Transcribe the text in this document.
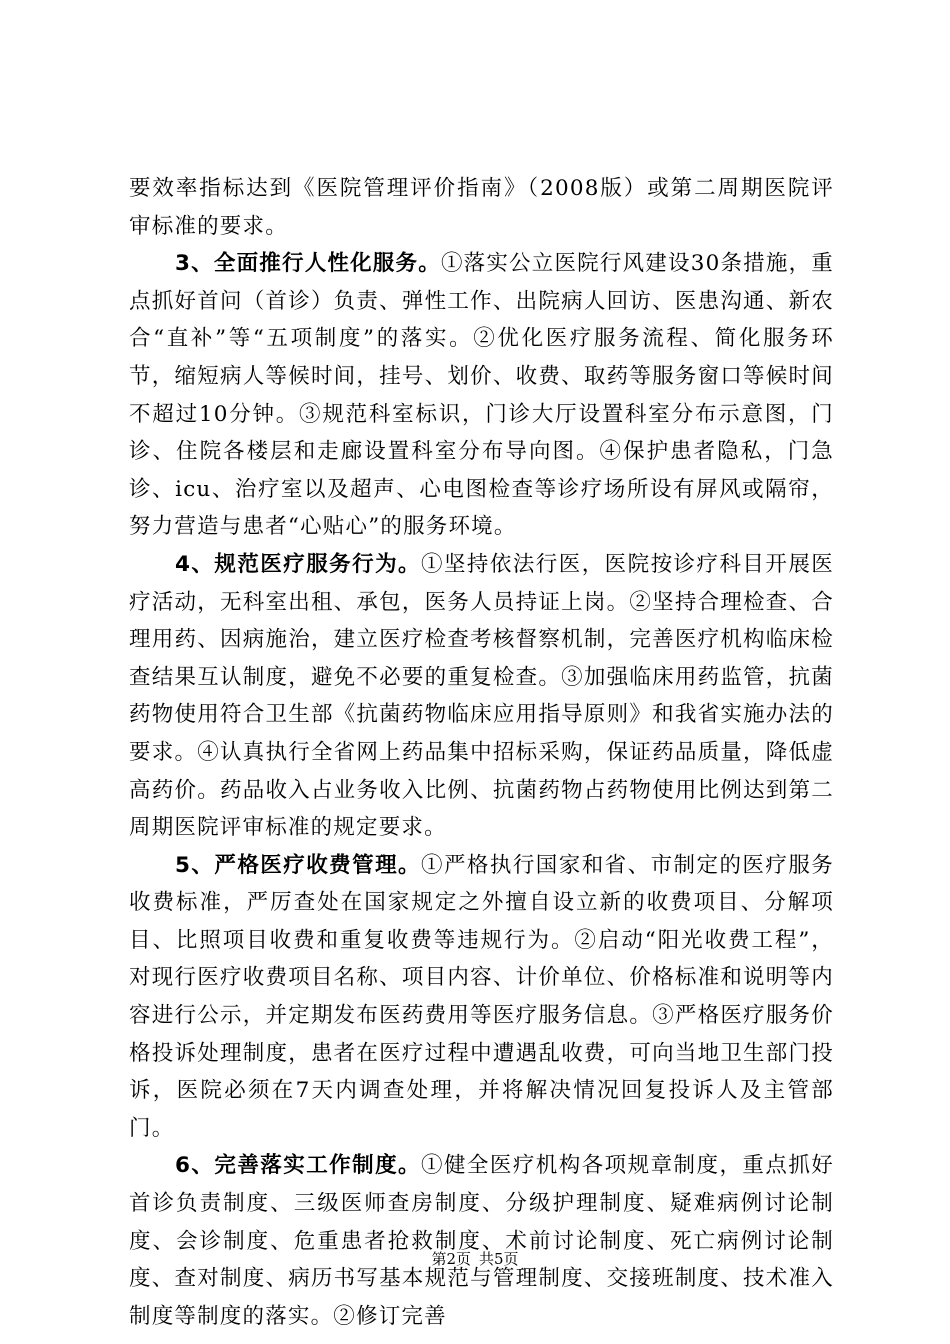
要效率指标达到《医院管理评价指南》（2008版）或第二周期医院评审标准的要求。

3、全面推行人性化服务。①落实公立医院行风建设30条措施，重点抓好首问（首诊）负责、弹性工作、出院病人回访、医患沟通、新农合“直补”等“五项制度”的落实。②优化医疗服务流程、简化服务环节，缩短病人等候时间，挂号、划价、收费、取药等服务窗口等候时间不超过10分钟。③规范科室标识，门诊大厅设置科室分布示意图，门诊、住院各楼层和走廊设置科室分布导向图。④保护患者隐私，门急诊、icu、治疗室以及超声、心电图检查等诊疗场所设有屏风或隔帘，努力营造与患者“心贴心”的服务环境。

4、规范医疗服务行为。①坚持依法行医，医院按诊疗科目开展医疗活动，无科室出租、承包，医务人员持证上岗。②坚持合理检查、合理用药、因病施治，建立医疗检查考核督察机制，完善医疗机构临床检查结果互认制度，避免不必要的重复检查。③加强临床用药监管，抗菌药物使用符合卫生部《抗菌药物临床应用指导原则》和我省实施办法的要求。④认真执行全省网上药品集中招标采购，保证药品质量，降低虚高药价。药品收入占业务收入比例、抗菌药物占药物使用比例达到第二周期医院评审标准的规定要求。

5、严格医疗收费管理。①严格执行国家和省、市制定的医疗服务收费标准，严厉查处在国家规定之外擅自设立新的收费项目、分解项目、比照项目收费和重复收费等违规行为。②启动“阳光收费工程”，对现行医疗收费项目名称、项目内容、计价单位、价格标准和说明等内容进行公示，并定期发布医药费用等医疗服务信息。③严格医疗服务价格投诉处理制度，患者在医疗过程中遭遇乱收费，可向当地卫生部门投诉，医院必须在7天内调查处理，并将解决情况回复投诉人及主管部门。

6、完善落实工作制度。①健全医疗机构各项规章制度，重点抓好首诊负责制度、三级医师查房制度、分级护理制度、疑难病例讨论制度、会诊制度、危重患者抢救制度、术前讨论制度、死亡病例讨论制度、查对制度、病历书写基本规范与管理制度、交接班制度、技术准入制度等制度的落实。②修订完善

第2页 共5页
